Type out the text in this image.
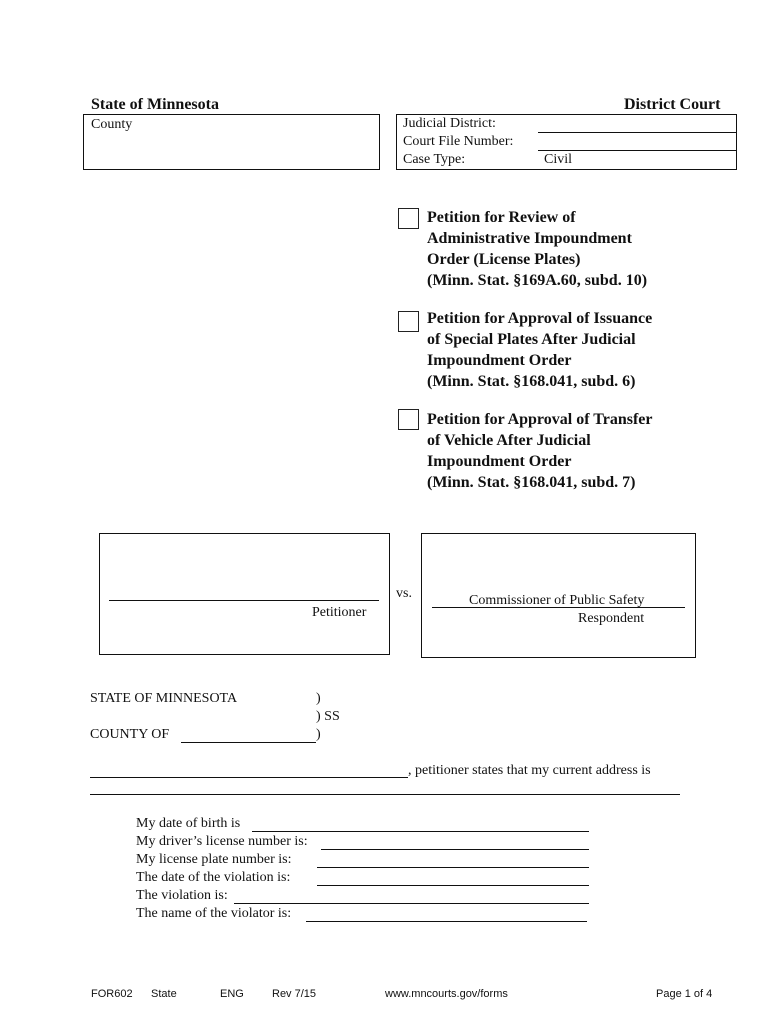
State of Minnesota	District Court
County	Judicial District:
Court File Number:
Case Type:	Civil
Petition for Review of
Administrative Impoundment
Order (License Plates)
(Minn. Stat. §169A.60, subd. 10)
Petition for Approval of Issuance
of Special Plates After Judicial
Impoundment Order
(Minn. Stat. §168.041, subd. 6)
Petition for Approval of Transfer
of Vehicle After Judicial
Impoundment Order
(Minn. Stat. §168.041, subd. 7)
Petitioner
vs.	Commissioner of Public Safety
Respondent
STATE OF MINNESOTA	)
) SS
COUNTY OF	)
, petitioner states that my current address is
My date of birth is
My driver’s license number is:
My license plate number is:
The date of the violation is:
The violation is:
The name of the violator is:
FOR602 State	ENG	Rev 7/15	www.mncourts.gov/forms	Page 1 of 4
